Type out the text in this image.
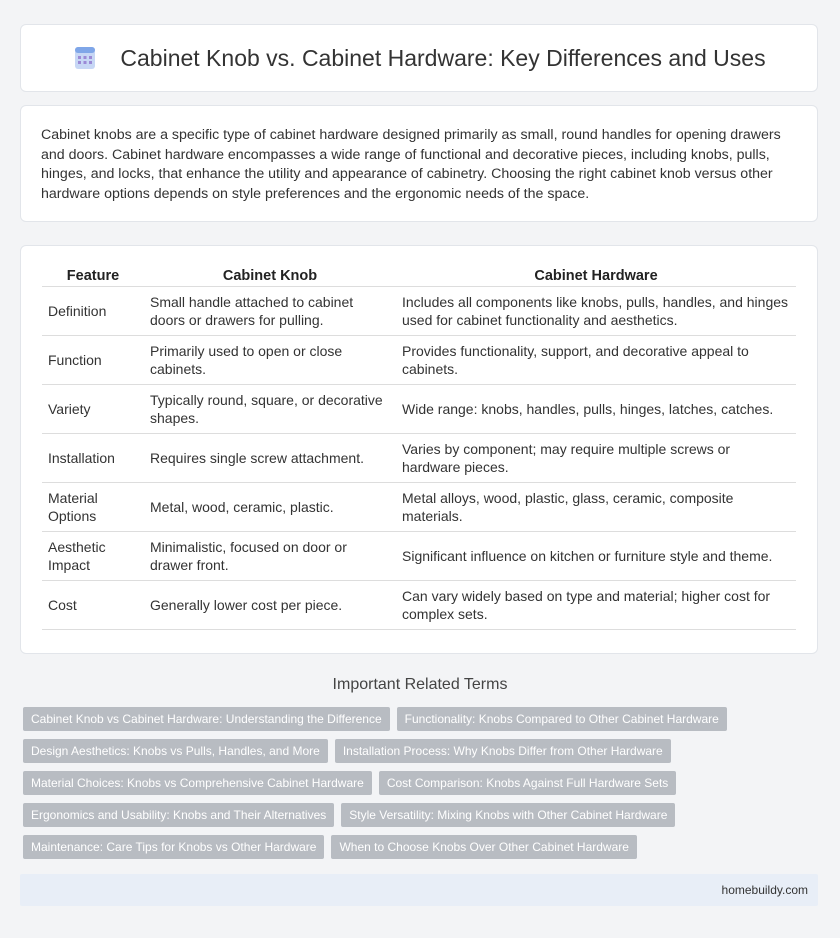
Cabinet Knob vs. Cabinet Hardware: Key Differences and Uses

Cabinet knobs are a specific type of cabinet hardware designed primarily as small, round handles for opening drawers and doors. Cabinet hardware encompasses a wide range of functional and decorative pieces, including knobs, pulls, hinges, and locks, that enhance the utility and appearance of cabinetry. Choosing the right cabinet knob versus other hardware options depends on style preferences and the ergonomic needs of the space.

Feature	Cabinet Knob	Cabinet Hardware
Definition	Small handle attached to cabinet doors or drawers for pulling.	Includes all components like knobs, pulls, handles, and hinges used for cabinet functionality and aesthetics.
Function	Primarily used to open or close cabinets.	Provides functionality, support, and decorative appeal to cabinets.
Variety	Typically round, square, or decorative shapes.	Wide range: knobs, handles, pulls, hinges, latches, catches.
Installation	Requires single screw attachment.	Varies by component; may require multiple screws or hardware pieces.
Material Options	Metal, wood, ceramic, plastic.	Metal alloys, wood, plastic, glass, ceramic, composite materials.
Aesthetic Impact	Minimalistic, focused on door or drawer front.	Significant influence on kitchen or furniture style and theme.
Cost	Generally lower cost per piece.	Can vary widely based on type and material; higher cost for complex sets.
Important Related Terms
Cabinet Knob vs Cabinet Hardware: Understanding the Difference	Functionality: Knobs Compared to Other Cabinet Hardware
Design Aesthetics: Knobs vs Pulls, Handles, and More	Installation Process: Why Knobs Differ from Other Hardware
Material Choices: Knobs vs Comprehensive Cabinet Hardware	Cost Comparison: Knobs Against Full Hardware Sets
Ergonomics and Usability: Knobs and Their Alternatives	Style Versatility: Mixing Knobs with Other Cabinet Hardware
Maintenance: Care Tips for Knobs vs Other Hardware	When to Choose Knobs Over Other Cabinet Hardware
homebuildy.com
